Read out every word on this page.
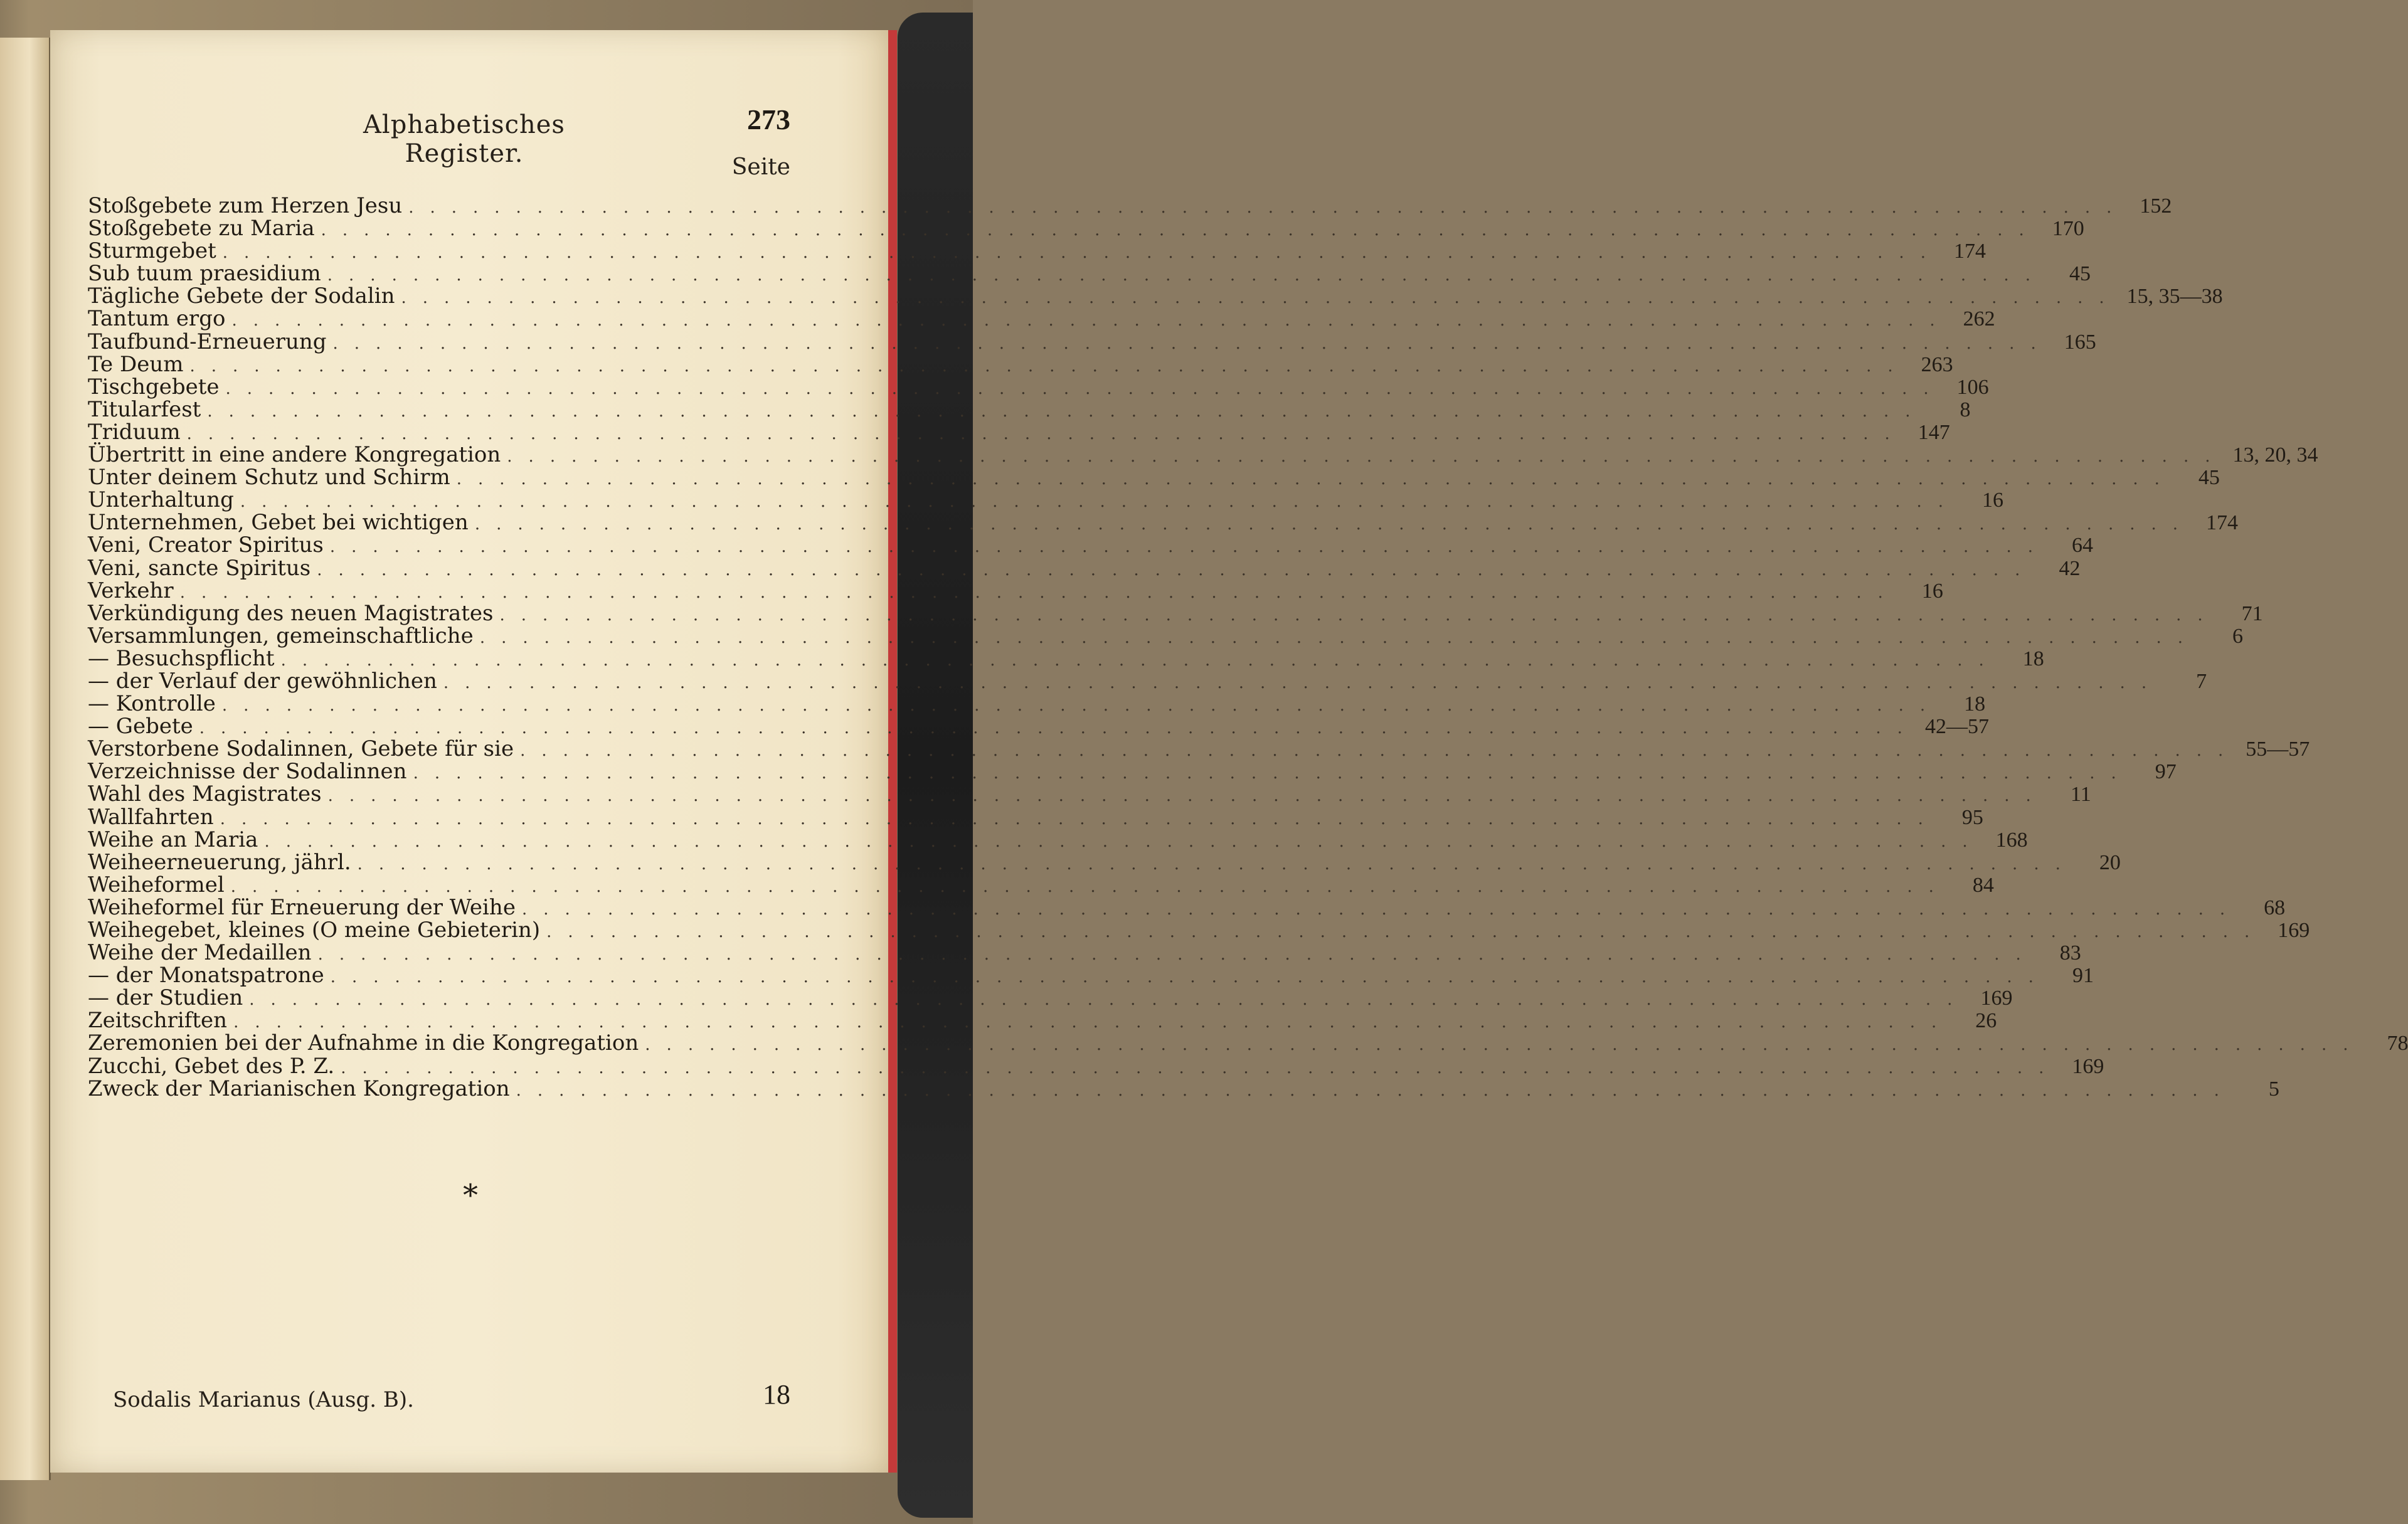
Alphabetisches Register.
273
Seite
Stoßgebete zum Herzen Jesu ................................................................................ 152
Stoßgebete zu Maria ................................................................................ 170
Sturmgebet ................................................................................ 174
Sub tuum praesidium ................................................................................	45
Tägliche Gebete der Sodalin ................................................................................ 15, 35—38
Tantum ergo ................................................................................ 262
Taufbund-Erneuerung ................................................................................ 165
Te Deum ................................................................................ 263
Tischgebete ................................................................................ 106
Titularfest ................................................................................	8
Triduum ................................................................................ 147
Übertritt in eine andere Kongregation ................................................................................ 13, 20, 34
Unter deinem Schutz und Schirm ................................................................................	45
Unterhaltung ................................................................................	16
Unternehmen, Gebet bei wichtigen ................................................................................ 174
Veni, Creator Spiritus ................................................................................	64
Veni, sancte Spiritus ................................................................................	42
Verkehr ................................................................................	16
Verkündigung des neuen Magistrates ................................................................................	71
Versammlungen, gemeinschaftliche ................................................................................	6
— Besuchspflicht ................................................................................	18
— der Verlauf der gewöhnlichen ................................................................................	7
— Kontrolle ................................................................................	18
— Gebete ................................................................................ 42—57
Verstorbene Sodalinnen, Gebete für sie ................................................................................ 55—57
Verzeichnisse der Sodalinnen ................................................................................	97
Wahl des Magistrates ................................................................................	11
Wallfahrten ................................................................................	95
Weihe an Maria ................................................................................ 168
Weiheerneuerung, jährl. ................................................................................	20
Weiheformel ................................................................................	84
Weiheformel für Erneuerung der Weihe ................................................................................	68
Weihegebet, kleines (O meine Gebieterin) ................................................................................ 169
Weihe der Medaillen ................................................................................	83
— der Monatspatrone ................................................................................	91
— der Studien ................................................................................ 169
Zeitschriften ................................................................................	26
Zeremonien bei der Aufnahme in die Kongregation ................................................................................	78
Zucchi, Gebet des P. Z. ................................................................................ 169
Zweck der Marianischen Kongregation ................................................................................	5
*
Sodalis Marianus (Ausg. B).	18
